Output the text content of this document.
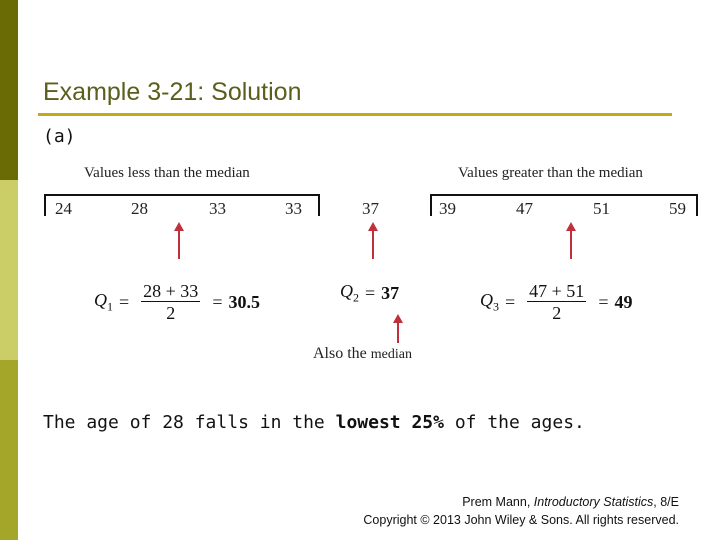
Example 3-21: Solution
(a)
Values less than the median	Values greater than the median
24	28	33	33	37	39	47	51	59
$Q_1 = \frac{28 + 33}{2} = 30.5$
$Q_2 = 37$	$Q_3 = \frac{47 + 51}{2} = 49$
Also the median
The age of 28 falls in the lowest 25% of the ages.
Prem Mann, Introductory Statistics, 8/E
Copyright © 2013 John Wiley & Sons. All rights reserved.
